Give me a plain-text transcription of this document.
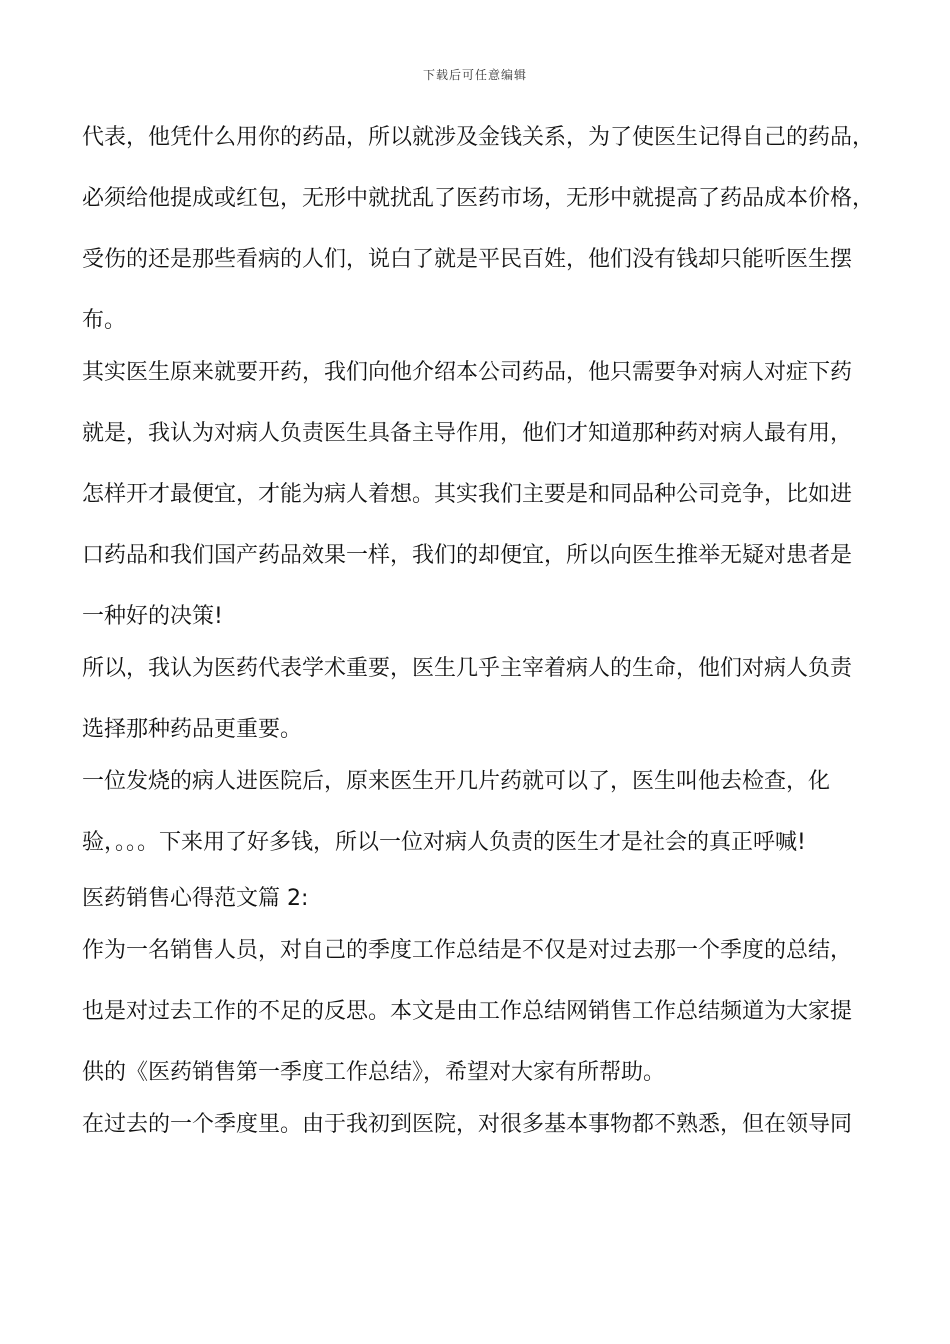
下载后可任意编辑
代表，他凭什么用你的药品，所以就涉及金钱关系，为了使医生记得自己的药品，
必须给他提成或红包，无形中就扰乱了医药市场，无形中就提高了药品成本价格，
受伤的还是那些看病的人们，说白了就是平民百姓，他们没有钱却只能听医生摆
布。
其实医生原来就要开药，我们向他介绍本公司药品，他只需要争对病人对症下药
就是，我认为对病人负责医生具备主导作用，他们才知道那种药对病人最有用，
怎样开才最便宜，才能为病人着想。其实我们主要是和同品种公司竞争，比如进
口药品和我们国产药品效果一样，我们的却便宜，所以向医生推举无疑对患者是
一种好的决策!
所以，我认为医药代表学术重要，医生几乎主宰着病人的生命，他们对病人负责
选择那种药品更重要。
一位发烧的病人进医院后，原来医生开几片药就可以了，医生叫他去检查，化
验，。。。下来用了好多钱，所以一位对病人负责的医生才是社会的真正呼喊!
医药销售心得范文篇 2:
作为一名销售人员，对自己的季度工作总结是不仅是对过去那一个季度的总结，
也是对过去工作的不足的反思。本文是由工作总结网销售工作总结频道为大家提
供的《医药销售第一季度工作总结》，希望对大家有所帮助。
在过去的一个季度里。由于我初到医院，对很多基本事物都不熟悉，但在领导同
